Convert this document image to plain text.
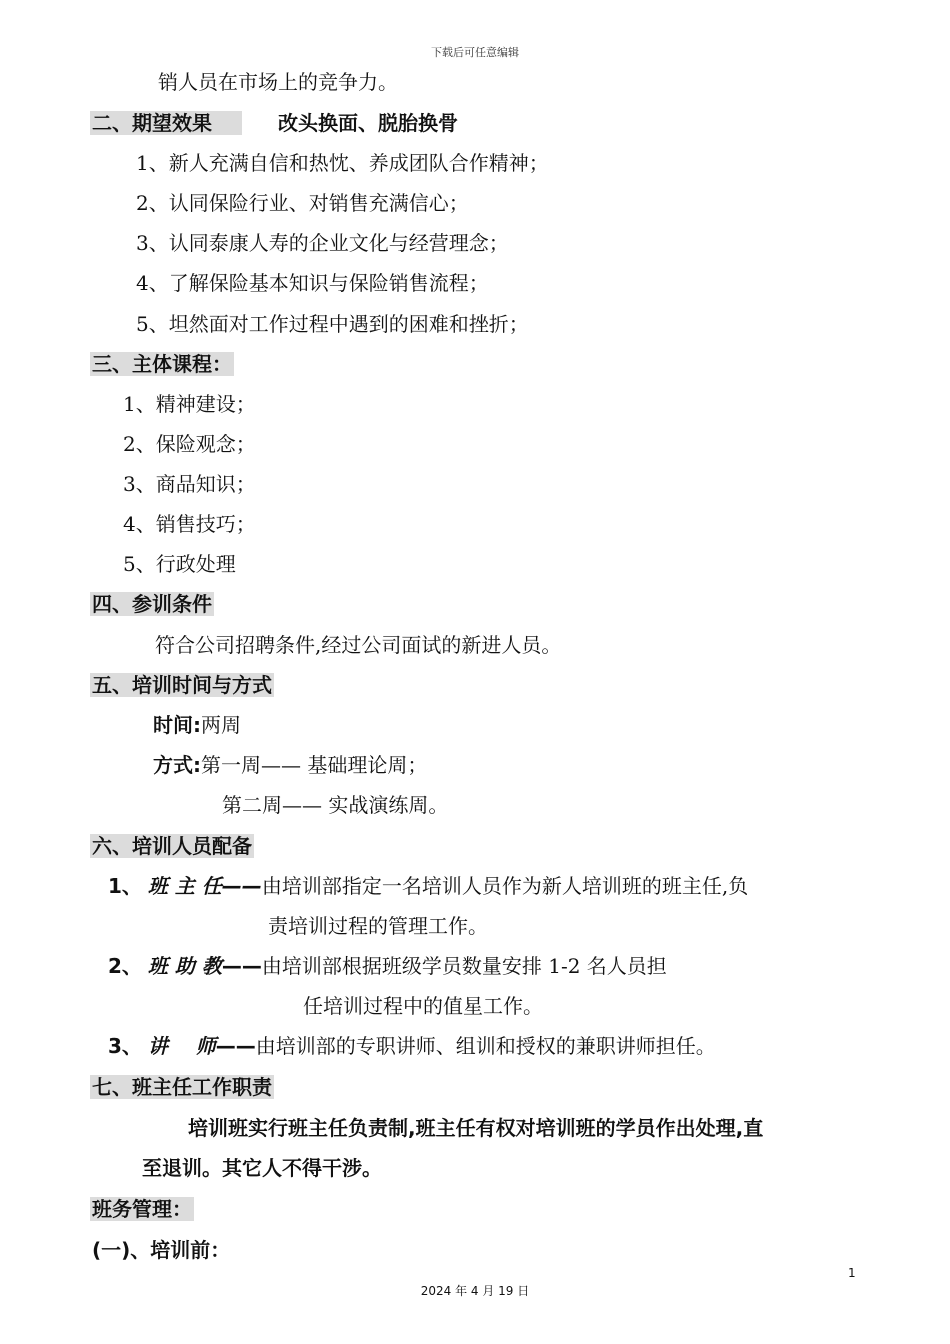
下载后可任意编辑
销人员在市场上的竞争力。
二、期望效果	改头换面、脱胎换骨
1、新人充满自信和热忱、养成团队合作精神；
2、认同保险行业、对销售充满信心；
3、认同泰康人寿的企业文化与经营理念；
4、了解保险基本知识与保险销售流程；
5、坦然面对工作过程中遇到的困难和挫折；
三、主体课程：
1、精神建设；
2、保险观念；
3、商品知识；
4、销售技巧；
5、行政处理
四、参训条件
符合公司招聘条件,经过公司面试的新进人员。
五、培训时间与方式
时间:两周
方式:第一周—— 基础理论周；
第二周—— 实战演练周。
六、培训人员配备
1、 班 主 任——由培训部指定一名培训人员作为新人培训班的班主任,负
责培训过程的管理工作。
2、 班 助 教——由培训部根据班级学员数量安排 1-2 名人员担
任培训过程中的值星工作。
3、 讲    师——由培训部的专职讲师、组训和授权的兼职讲师担任。
七、班主任工作职责
培训班实行班主任负责制,班主任有权对培训班的学员作出处理,直
至退训。其它人不得干涉。
班务管理：
(一)、培训前：
1
2024 年 4 月 19 日
